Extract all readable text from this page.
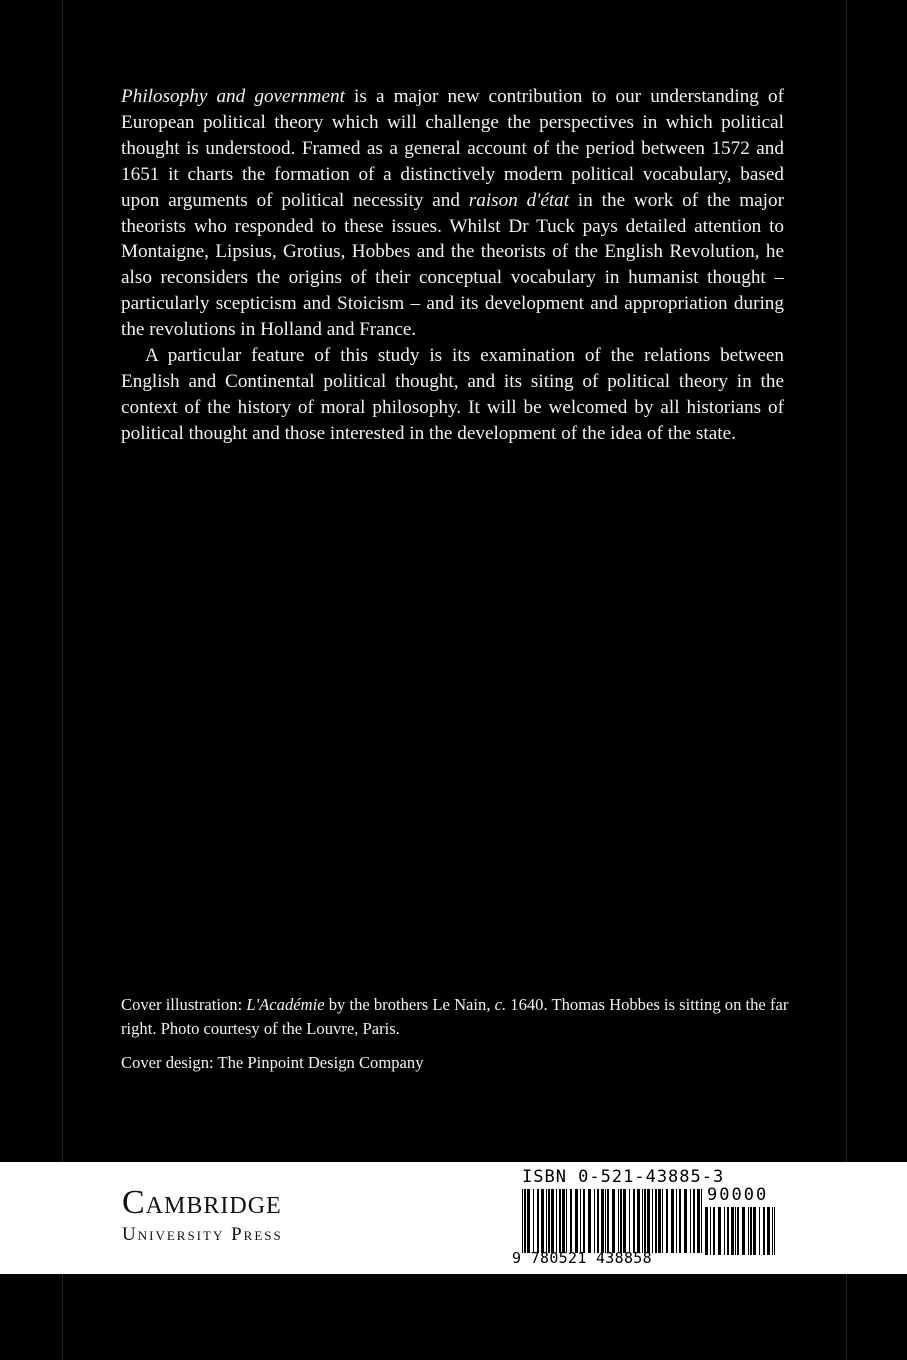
Philosophy and government is a major new contribution to our understanding of European political theory which will challenge the perspectives in which political thought is understood. Framed as a general account of the period between 1572 and 1651 it charts the formation of a distinctively modern political vocabulary, based upon arguments of political necessity and raison d'état in the work of the major theorists who responded to these issues. Whilst Dr Tuck pays detailed attention to Montaigne, Lipsius, Grotius, Hobbes and the theorists of the English Revolution, he also reconsiders the origins of their conceptual vocabulary in humanist thought – particularly scepticism and Stoicism – and its development and appropriation during the revolutions in Holland and France.

A particular feature of this study is its examination of the relations between English and Continental political thought, and its siting of political theory in the context of the history of moral philosophy. It will be welcomed by all historians of political thought and those interested in the development of the idea of the state.

Cover illustration: L'Académie by the brothers Le Nain, c. 1640. Thomas Hobbes is sitting on the far right. Photo courtesy of the Louvre, Paris.

Cover design: The Pinpoint Design Company

Cambridge
University Press
ISBN 0-521-43885-3
90000
9 780521 438858
